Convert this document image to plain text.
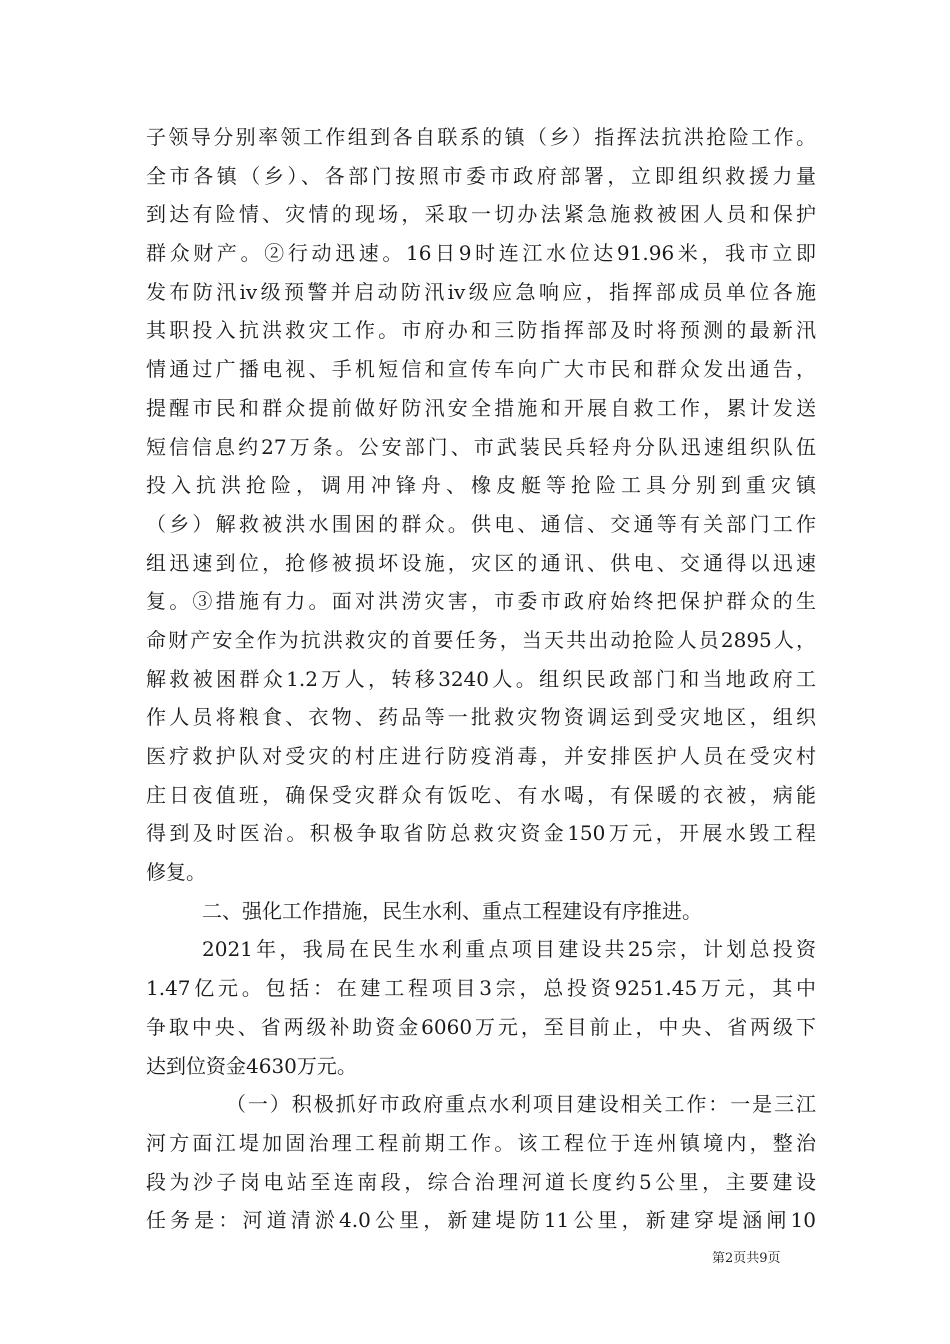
子领导分别率领工作组到各自联系的镇（乡）指挥法抗洪抢险工作。
全市各镇（乡）、各部门按照市委市政府部署，立即组织救援力量
到达有险情、灾情的现场，采取一切办法紧急施救被困人员和保护
群众财产。②行动迅速。16日9时连江水位达91.96米，我市立即
发布防汛ⅳ级预警并启动防汛ⅳ级应急响应，指挥部成员单位各施
其职投入抗洪救灾工作。市府办和三防指挥部及时将预测的最新汛
情通过广播电视、手机短信和宣传车向广大市民和群众发出通告，
提醒市民和群众提前做好防汛安全措施和开展自救工作，累计发送
短信信息约27万条。公安部门、市武装民兵轻舟分队迅速组织队伍
投入抗洪抢险，调用冲锋舟、橡皮艇等抢险工具分别到重灾镇
（乡）解救被洪水围困的群众。供电、通信、交通等有关部门工作
组迅速到位，抢修被损坏设施，灾区的通讯、供电、交通得以迅速
复。③措施有力。面对洪涝灾害，市委市政府始终把保护群众的生
命财产安全作为抗洪救灾的首要任务，当天共出动抢险人员2895人，
解救被困群众1.2万人，转移3240人。组织民政部门和当地政府工
作人员将粮食、衣物、药品等一批救灾物资调运到受灾地区，组织
医疗救护队对受灾的村庄进行防疫消毒，并安排医护人员在受灾村
庄日夜值班，确保受灾群众有饭吃、有水喝，有保暖的衣被，病能
得到及时医治。积极争取省防总救灾资金150万元，开展水毁工程
修复。
二、强化工作措施，民生水利、重点工程建设有序推进。
2021年，我局在民生水利重点项目建设共25宗，计划总投资
1.47亿元。包括：在建工程项目3宗，总投资9251.45万元，其中
争取中央、省两级补助资金6060万元，至目前止，中央、省两级下
达到位资金4630万元。
（一）积极抓好市政府重点水利项目建设相关工作：一是三江
河方面江堤加固治理工程前期工作。该工程位于连州镇境内，整治
段为沙子岗电站至连南段，综合治理河道长度约5公里，主要建设
任务是：河道清淤4.0公里，新建堤防11公里，新建穿堤涵闸10
第2页共9页
